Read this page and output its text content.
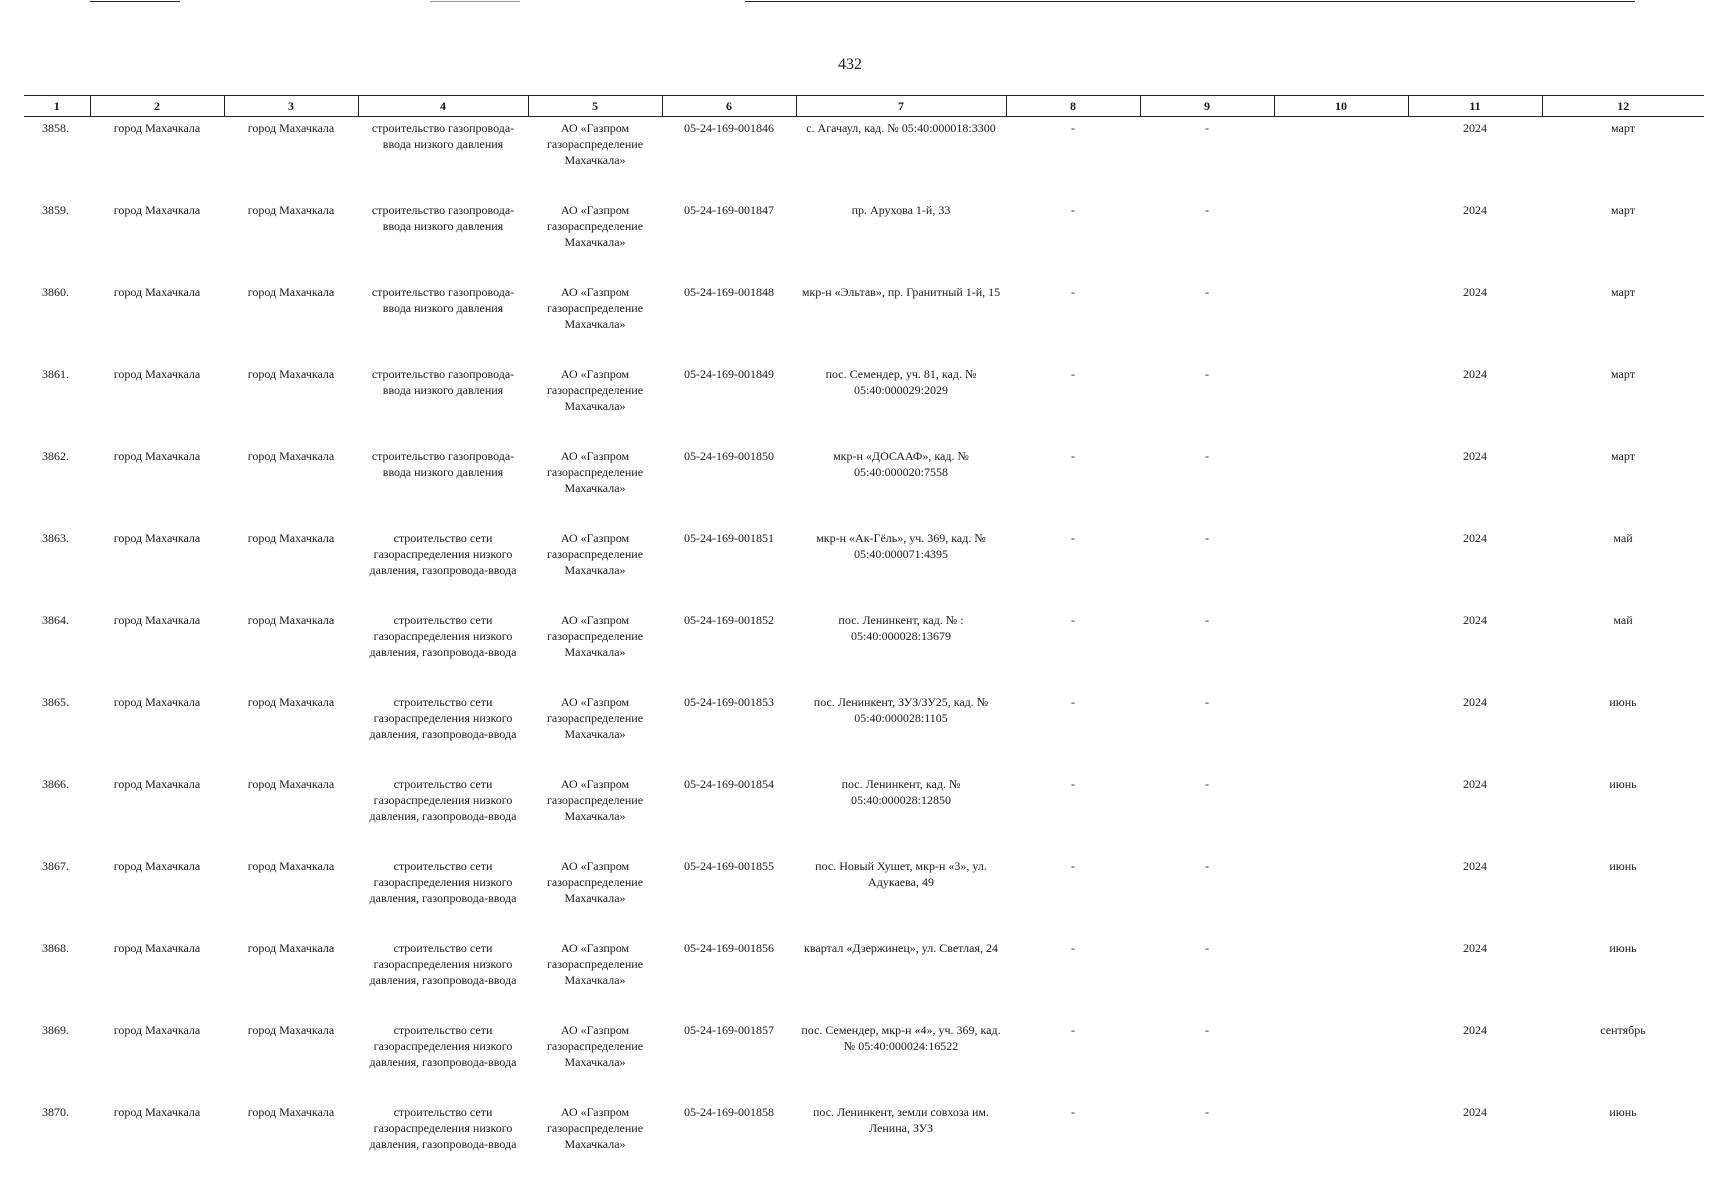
432
1	2	3	4	5	6	7	8	9	10	11	12
3858.	город Махачкала	город Махачкала	строительство газопровода-ввода низкого давления	АО «Газпром газораспределение Махачкала»	05-24-169-001846	с. Агачаул, кад. № 05:40:000018:3300	-	-		2024	март
3859.	город Махачкала	город Махачкала	строительство газопровода-ввода низкого давления	АО «Газпром газораспределение Махачкала»	05-24-169-001847	пр. Арухова 1-й, 33	-	-		2024	март
3860.	город Махачкала	город Махачкала	строительство газопровода-ввода низкого давления	АО «Газпром газораспределение Махачкала»	05-24-169-001848	мкр-н «Эльтав», пр. Гранитный 1-й, 15	-	-		2024	март
3861.	город Махачкала	город Махачкала	строительство газопровода-ввода низкого давления	АО «Газпром газораспределение Махачкала»	05-24-169-001849	пос. Семендер, уч. 81, кад. № 05:40:000029:2029	-	-		2024	март
3862.	город Махачкала	город Махачкала	строительство газопровода-ввода низкого давления	АО «Газпром газораспределение Махачкала»	05-24-169-001850	мкр-н «ДОСААФ», кад. № 05:40:000020:7558	-	-		2024	март
3863.	город Махачкала	город Махачкала	строительство сети газораспределения низкого давления, газопровода-ввода	АО «Газпром газораспределение Махачкала»	05-24-169-001851	мкр-н «Ак-Гёль», уч. 369, кад. № 05:40:000071:4395	-	-		2024	май
3864.	город Махачкала	город Махачкала	строительство сети газораспределения низкого давления, газопровода-ввода	АО «Газпром газораспределение Махачкала»	05-24-169-001852	пос. Ленинкент, кад. № : 05:40:000028:13679	-	-		2024	май
3865.	город Махачкала	город Махачкала	строительство сети газораспределения низкого давления, газопровода-ввода	АО «Газпром газораспределение Махачкала»	05-24-169-001853	пос. Ленинкент, ЗУЗ/ЗУ25, кад. № 05:40:000028:1105	-	-		2024	июнь
3866.	город Махачкала	город Махачкала	строительство сети газораспределения низкого давления, газопровода-ввода	АО «Газпром газораспределение Махачкала»	05-24-169-001854	пос. Ленинкент, кад. № 05:40:000028:12850	-	-		2024	июнь
3867.	город Махачкала	город Махачкала	строительство сети газораспределения низкого давления, газопровода-ввода	АО «Газпром газораспределение Махачкала»	05-24-169-001855	пос. Новый Хушет, мкр-н «3», ул. Адукаева, 49	-	-		2024	июнь
3868.	город Махачкала	город Махачкала	строительство сети газораспределения низкого давления, газопровода-ввода	АО «Газпром газораспределение Махачкала»	05-24-169-001856	квартал «Дзержинец», ул. Светлая, 24	-	-		2024	июнь
3869.	город Махачкала	город Махачкала	строительство сети газораспределения низкого давления, газопровода-ввода	АО «Газпром газораспределение Махачкала»	05-24-169-001857	пос. Семендер, мкр-н «4», уч. 369, кад. № 05:40:000024:16522	-	-		2024	сентябрь
3870.	город Махачкала	город Махачкала	строительство сети газораспределения низкого давления, газопровода-ввода	АО «Газпром газораспределение Махачкала»	05-24-169-001858	пос. Ленинкент, земли совхоза им. Ленина, ЗУЗ	-	-		2024	июнь
